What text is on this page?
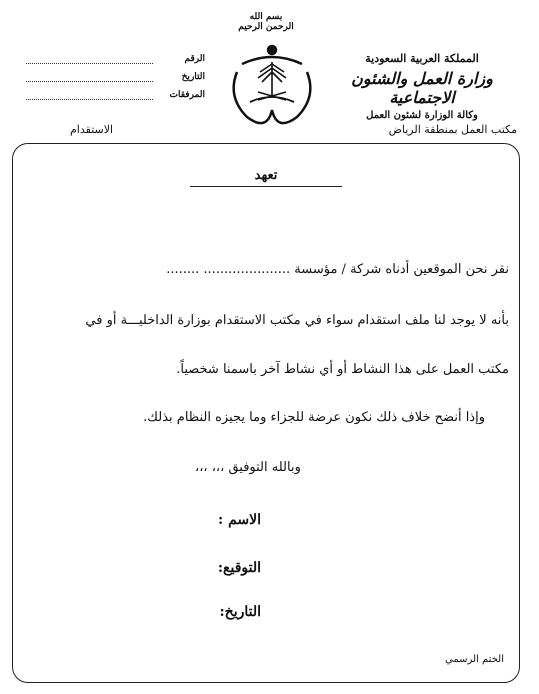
بسم الله الرحمن الرحيم
المملكة العربية السعودية
وزارة العمل والشئون الاجتماعية
وكالة الوزارة لشئون العمل
الرقم
التاريخ
المرفقات
مكتب العمل بمنطقة الرياض
الاستقدام
تعهد
نقر نحن الموقعين أدناه شركة / مؤسسة ..................... ........
بأنه لا يوجد لنا ملف استقدام سواء في مكتب الاستقدام بوزارة الداخليـــة أو في
مكتب العمل على هذا النشاط أو أي نشاط آخر باسمنا شخصياً.
وإذا أنضح خلاف ذلك نكون عرضة للجزاء وما يجيزه النظام بذلك.
وبالله التوفيق ،،، ،،،
الاسم :
التوقيع:
التاريخ:
الختم الرسمي
